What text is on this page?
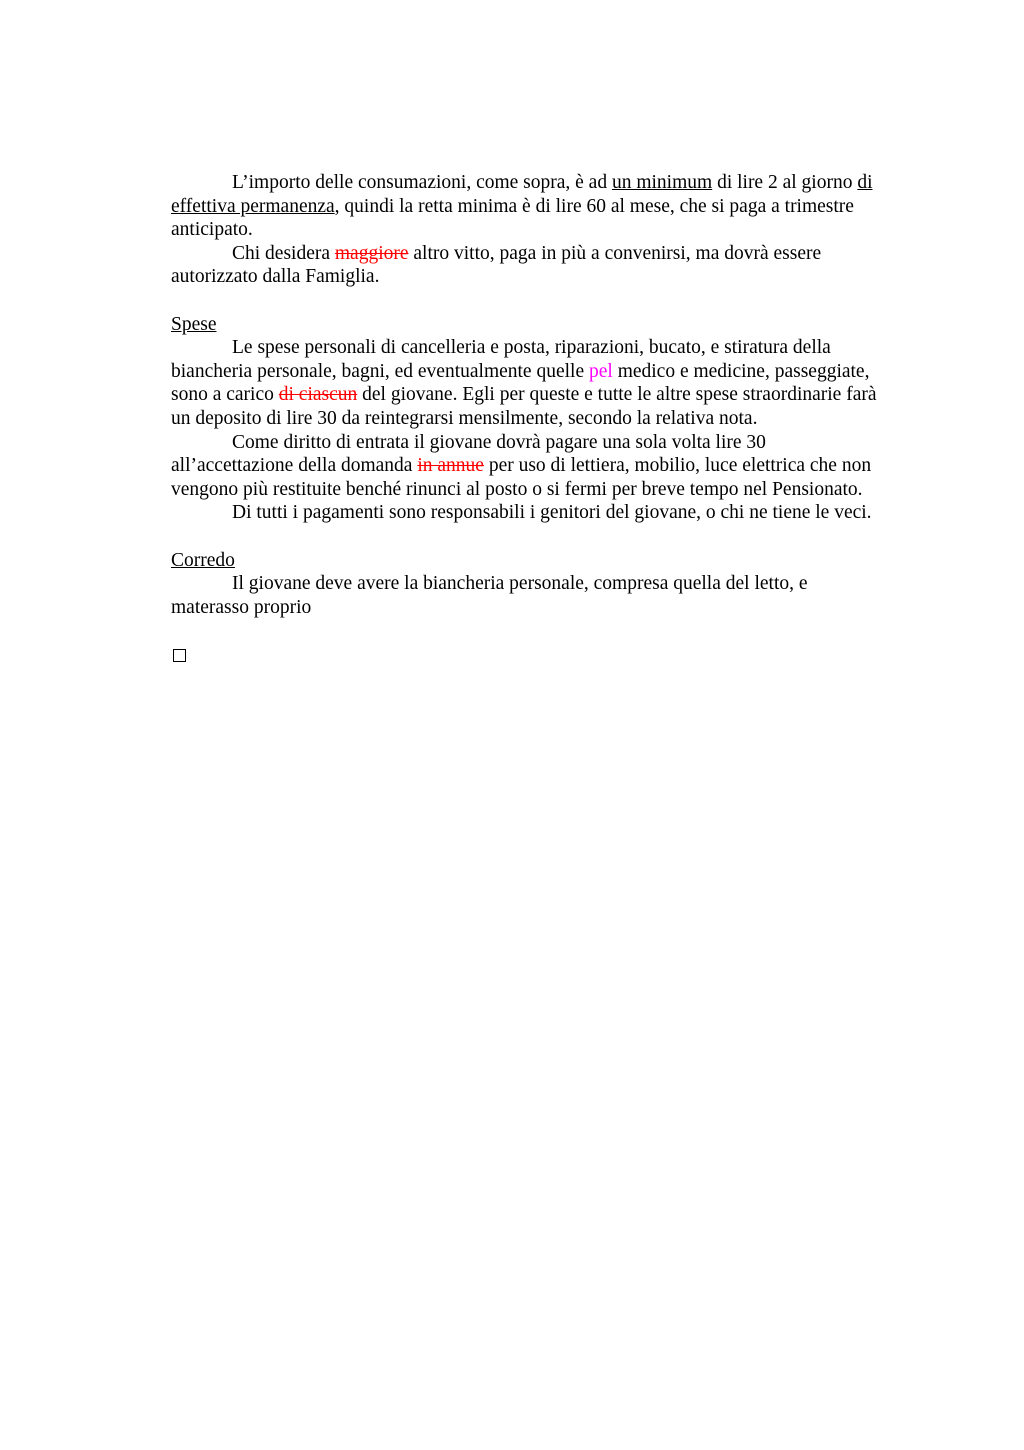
L’importo delle consumazioni, come sopra, è ad un minimum di lire 2 al giorno di
effettiva permanenza, quindi la retta minima è di lire 60 al mese, che si paga a trimestre
anticipato.
Chi desidera maggiore altro vitto, paga in più a convenirsi, ma dovrà essere
autorizzato dalla Famiglia.
Spese
Le spese personali di cancelleria e posta, riparazioni, bucato, e stiratura della
biancheria personale, bagni, ed eventualmente quelle pel medico e medicine, passeggiate,
sono a carico di ciascun del giovane. Egli per queste e tutte le altre spese straordinarie farà
un deposito di lire 30 da reintegrarsi mensilmente, secondo la relativa nota.
Come diritto di entrata il giovane dovrà pagare una sola volta lire 30
all’accettazione della domanda in annue per uso di lettiera, mobilio, luce elettrica che non
vengono più restituite benché rinunci al posto o si fermi per breve tempo nel Pensionato.
Di tutti i pagamenti sono responsabili i genitori del giovane, o chi ne tiene le veci.
Corredo
Il giovane deve avere la biancheria personale, compresa quella del letto, e
materasso proprio
